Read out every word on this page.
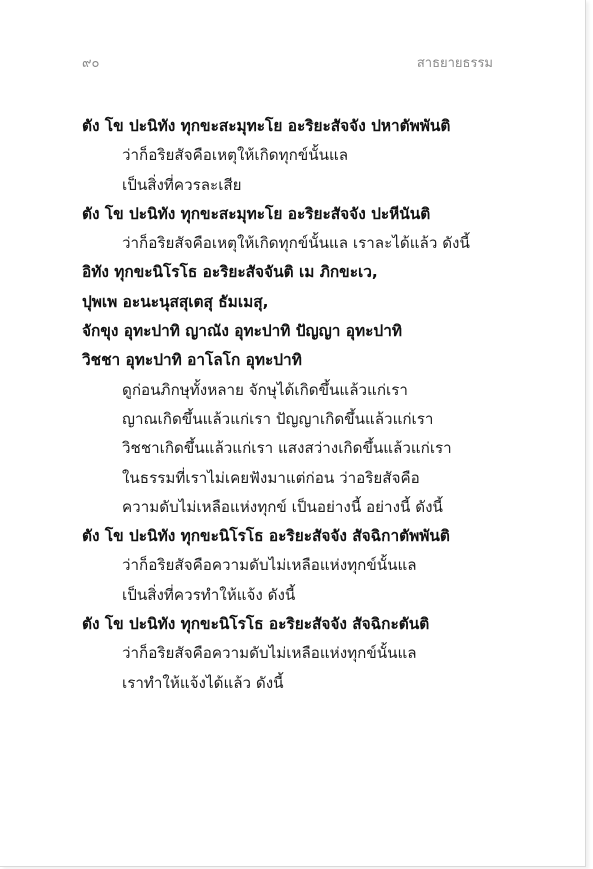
๙๐	สาธยายธรรม
ตัง โข ปะนิทัง ทุกขะสะมุทะโย อะริยะสัจจัง ปหาตัพพันติ
ว่าก็อริยสัจคือเหตุให้เกิดทุกข์นั้นแล
เป็นสิ่งที่ควรละเสีย
ตัง โข ปะนิทัง ทุกขะสะมุทะโย อะริยะสัจจัง ปะหีนันติ
ว่าก็อริยสัจคือเหตุให้เกิดทุกข์นั้นแล เราละได้แล้ว ดังนี้
อิทัง ทุกขะนิโรโธ อะริยะสัจจันติ เม ภิกขะเว,
ปุพเพ อะนะนุสสุเตสุ ธัมเมสุ,
จักขุง อุทะปาทิ ญาณัง อุทะปาทิ ปัญญา อุทะปาทิ
วิชชา อุทะปาทิ อาโลโก อุทะปาทิ
ดูก่อนภิกษุทั้งหลาย จักษุได้เกิดขึ้นแล้วแก่เรา
ญาณเกิดขึ้นแล้วแก่เรา ปัญญาเกิดขึ้นแล้วแก่เรา
วิชชาเกิดขึ้นแล้วแก่เรา แสงสว่างเกิดขึ้นแล้วแก่เรา
ในธรรมที่เราไม่เคยฟังมาแต่ก่อน ว่าอริยสัจคือ
ความดับไม่เหลือแห่งทุกข์ เป็นอย่างนี้ อย่างนี้ ดังนี้
ตัง โข ปะนิทัง ทุกขะนิโรโธ อะริยะสัจจัง สัจฉิกาตัพพันติ
ว่าก็อริยสัจคือความดับไม่เหลือแห่งทุกข์นั้นแล
เป็นสิ่งที่ควรทำให้แจ้ง ดังนี้
ตัง โข ปะนิทัง ทุกขะนิโรโธ อะริยะสัจจัง สัจฉิกะตันติ
ว่าก็อริยสัจคือความดับไม่เหลือแห่งทุกข์นั้นแล
เราทำให้แจ้งได้แล้ว ดังนี้
